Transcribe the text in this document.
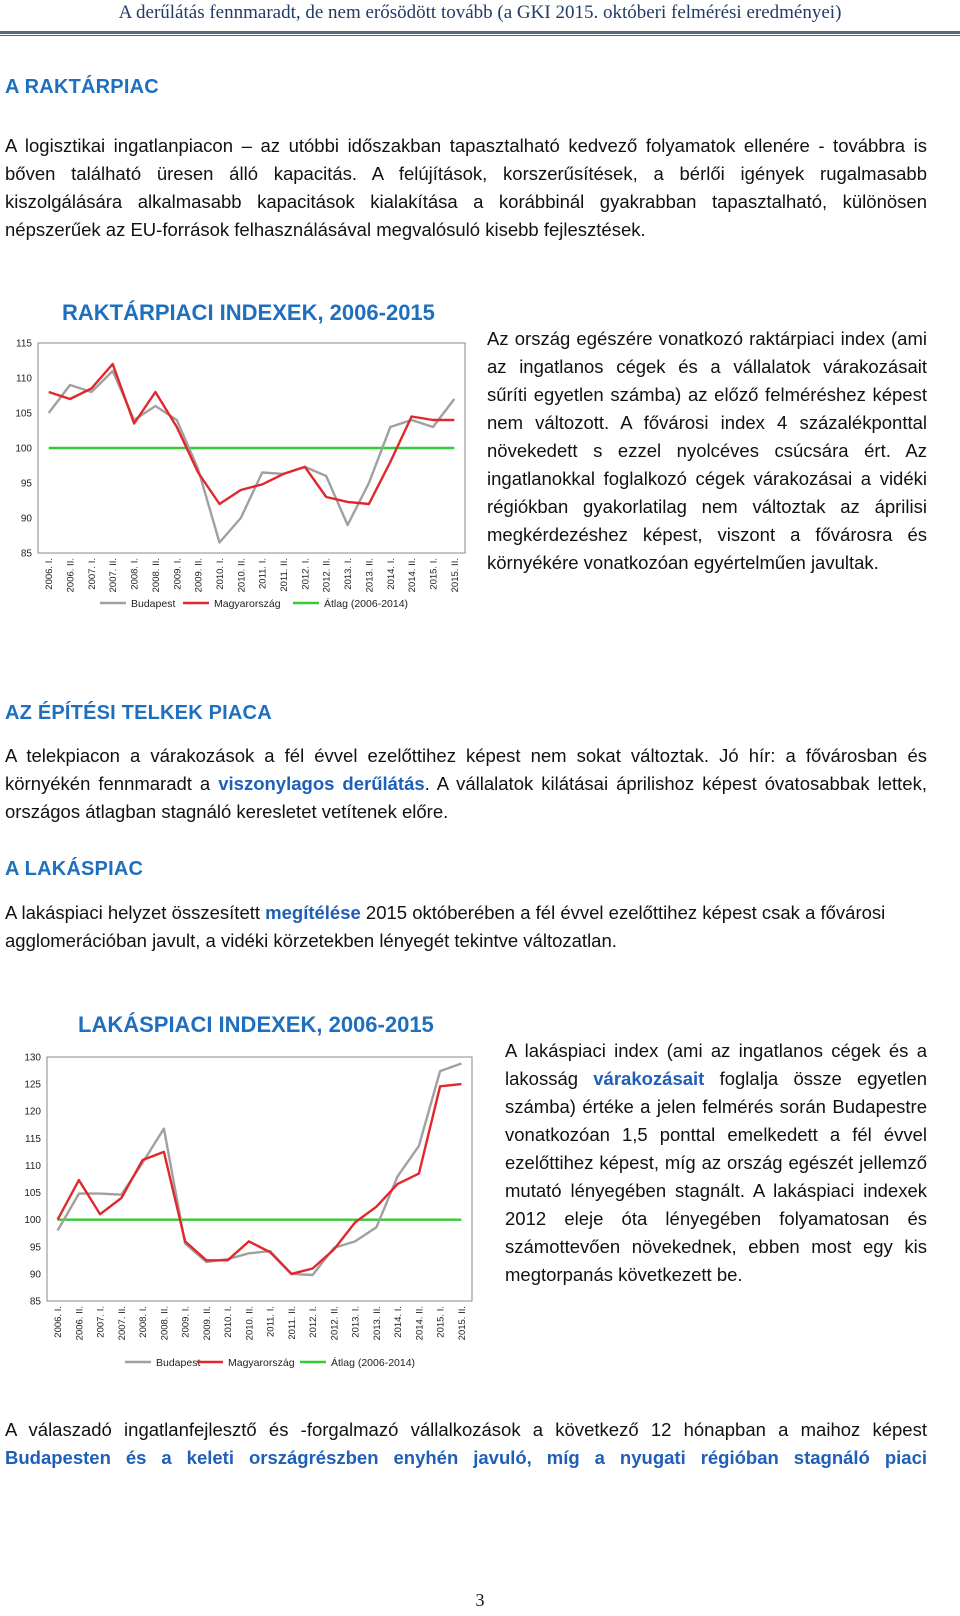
A derűlátás fennmaradt, de nem erősödött tovább (a GKI 2015. októberi felmérési eredményei)
A RAKTÁRPIAC

A logisztikai ingatlanpiacon – az utóbbi időszakban tapasztalható kedvező folyamatok ellenére - továbbra is bőven található üresen álló kapacitás. A felújítások, korszerűsítések, a bérlői igények rugalmasabb kiszolgálására alkalmasabb kapacitások kialakítása a korábbinál gyakrabban tapasztalható, különösen népszerűek az EU-források felhasználásával megvalósuló kisebb fejlesztések.

RAKTÁRPIACI INDEXEK, 2006-2015
115
110
105
100
95
90
85
2006. I. 2006. II. 2007. I. 2007. II. 2008. I. 2008. II. 2009. I. 2009. II. 2010. I. 2010. II. 2011. I. 2011. II. 2012. I. 2012. II. 2013. I. 2013. II. 2014. I. 2014. II. 2015. I. 2015. II.
Budapest	Magyarország	Átlag (2006-2014)

Az ország egészére vonatkozó raktárpiaci index (ami az ingatlanos cégek és a vállalatok várakozásait sűríti egyetlen számba) az előző felméréshez képest nem változott. A fővárosi index 4 százalékponttal növekedett s ezzel nyolcéves csúcsára ért. Az ingatlanokkal foglalkozó cégek várakozásai a vidéki régiókban gyakorlatilag nem változtak az áprilisi megkérdezéshez képest, viszont a fővárosra és környékére vonatkozóan egyértelműen javultak.

AZ ÉPÍTÉSI TELKEK PIACA

A telekpiacon a várakozások a fél évvel ezelőttihez képest nem sokat változtak. Jó hír: a fővárosban és környékén fennmaradt a viszonylagos derűlátás. A vállalatok kilátásai áprilishoz képest óvatosabbak lettek, országos átlagban stagnáló keresletet vetítenek előre.

A LAKÁSPIAC

A lakáspiaci helyzet összesített megítélése 2015 októberében a fél évvel ezelőttihez képest csak a fővárosi agglomerációban javult, a vidéki körzetekben lényegét tekintve változatlan.

LAKÁSPIACI INDEXEK, 2006-2015
130
125
120
115
110
105
100
95
90
85
2006. I. 2006. II. 2007. I. 2007. II. 2008. I. 2008. II. 2009. I. 2009. II. 2010. I. 2010. II. 2011. I. 2011. II. 2012. I. 2012. II. 2013. I. 2013. II. 2014. I. 2014. II. 2015. I. 2015. II.
Budapest	Magyarország	Átlag (2006-2014)

A lakáspiaci index (ami az ingatlanos cégek és a lakosság várakozásait foglalja össze egyetlen számba) értéke a jelen felmérés során Budapestre vonatkozóan 1,5 ponttal emelkedett a fél évvel ezelőttihez képest, míg az ország egészét jellemző mutató lényegében stagnált. A lakáspiaci indexek 2012 eleje óta lényegében folyamatosan és számottevően növekednek, ebben most egy kis megtorpanás következett be.

A válaszadó ingatlanfejlesztő és -forgalmazó vállalkozások a következő 12 hónapban a maihoz képest Budapesten és a keleti országrészben enyhén javuló, míg a nyugati régióban stagnáló piaci

3
